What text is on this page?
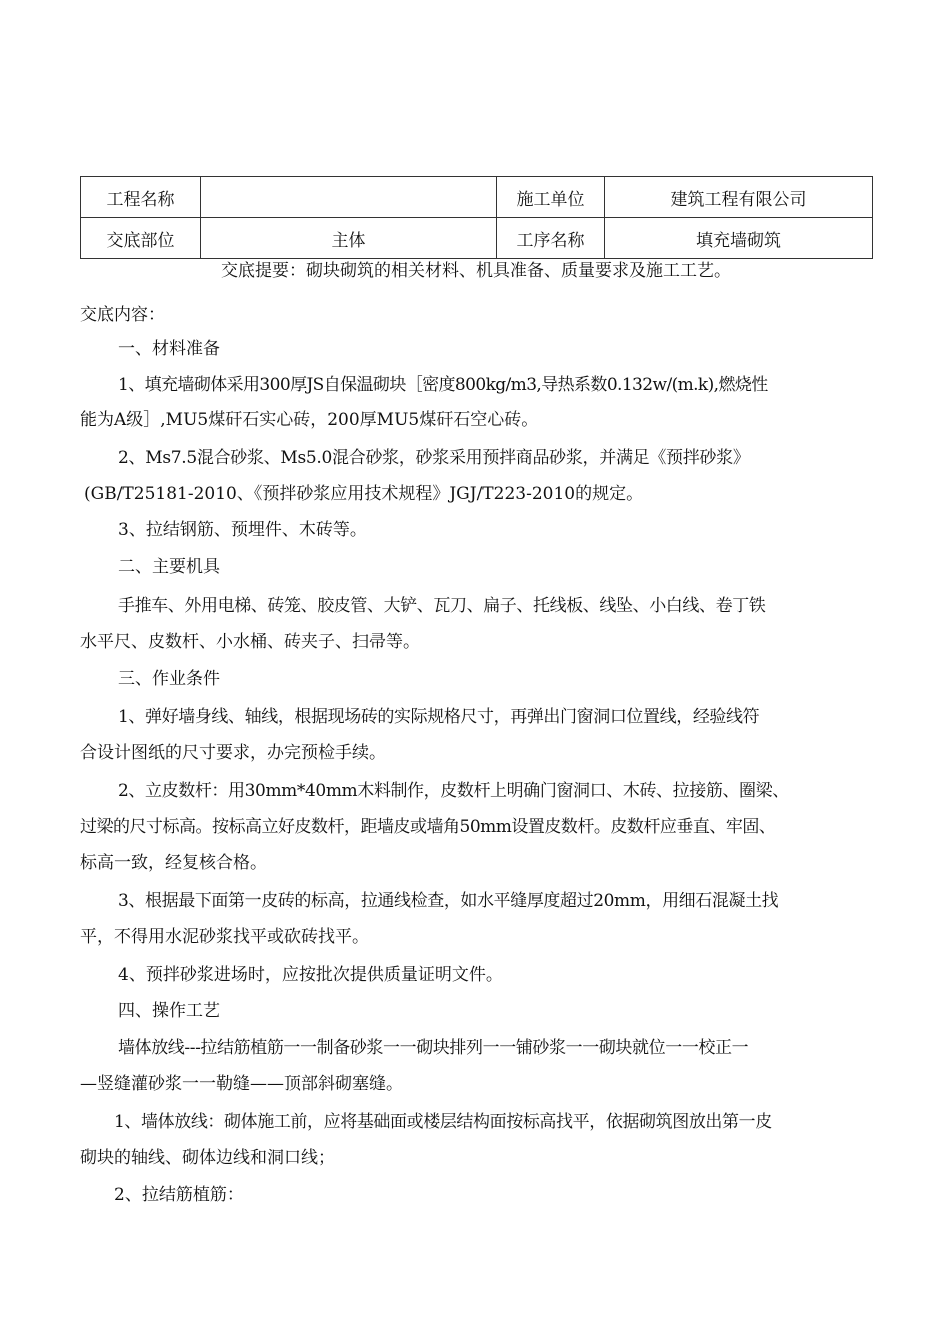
工程名称		施工单位	建筑工程有限公司
交底部位	主体	工序名称	填充墙砌筑
交底提要：砌块砌筑的相关材料、机具准备、质量要求及施工工艺。
交底内容：
一、材料准备
1、填充墙砌体采用300厚JS自保温砌块［密度800kg/m3,导热系数0.132w/(m.k),燃烧性
能为A级］,MU5煤矸石实心砖，200厚MU5煤矸石空心砖。
2、Ms7.5混合砂浆、Ms5.0混合砂浆，砂浆采用预拌商品砂浆，并满足《预拌砂浆》
(GB/T25181-2010、《预拌砂浆应用技术规程》JGJ/T223-2010的规定。
3、拉结钢筋、预埋件、木砖等。
二、主要机具
手推车、外用电梯、砖笼、胶皮管、大铲、瓦刀、扁子、托线板、线坠、小白线、卷丁铁
水平尺、皮数杆、小水桶、砖夹子、扫帚等。
三、作业条件
1、弹好墙身线、轴线，根据现场砖的实际规格尺寸，再弹出门窗洞口位置线，经验线符
合设计图纸的尺寸要求，办完预检手续。
2、立皮数杆：用30mm*40mm木料制作，皮数杆上明确门窗洞口、木砖、拉接筋、圈梁、
过梁的尺寸标高。按标高立好皮数杆，距墙皮或墙角50mm设置皮数杆。皮数杆应垂直、牢固、
标高一致，经复核合格。
3、根据最下面第一皮砖的标高，拉通线检查，如水平缝厚度超过20mm，用细石混凝土找
平，不得用水泥砂浆找平或砍砖找平。
4、预拌砂浆进场时，应按批次提供质量证明文件。
四、操作工艺
墙体放线---拉结筋植筋一一制备砂浆一一砌块排列一一铺砂浆一一砌块就位一一校正一
—竖缝灌砂浆一一勒缝——顶部斜砌塞缝。
1、墙体放线：砌体施工前，应将基础面或楼层结构面按标高找平，依据砌筑图放出第一皮
砌块的轴线、砌体边线和洞口线；
2、拉结筋植筋：
